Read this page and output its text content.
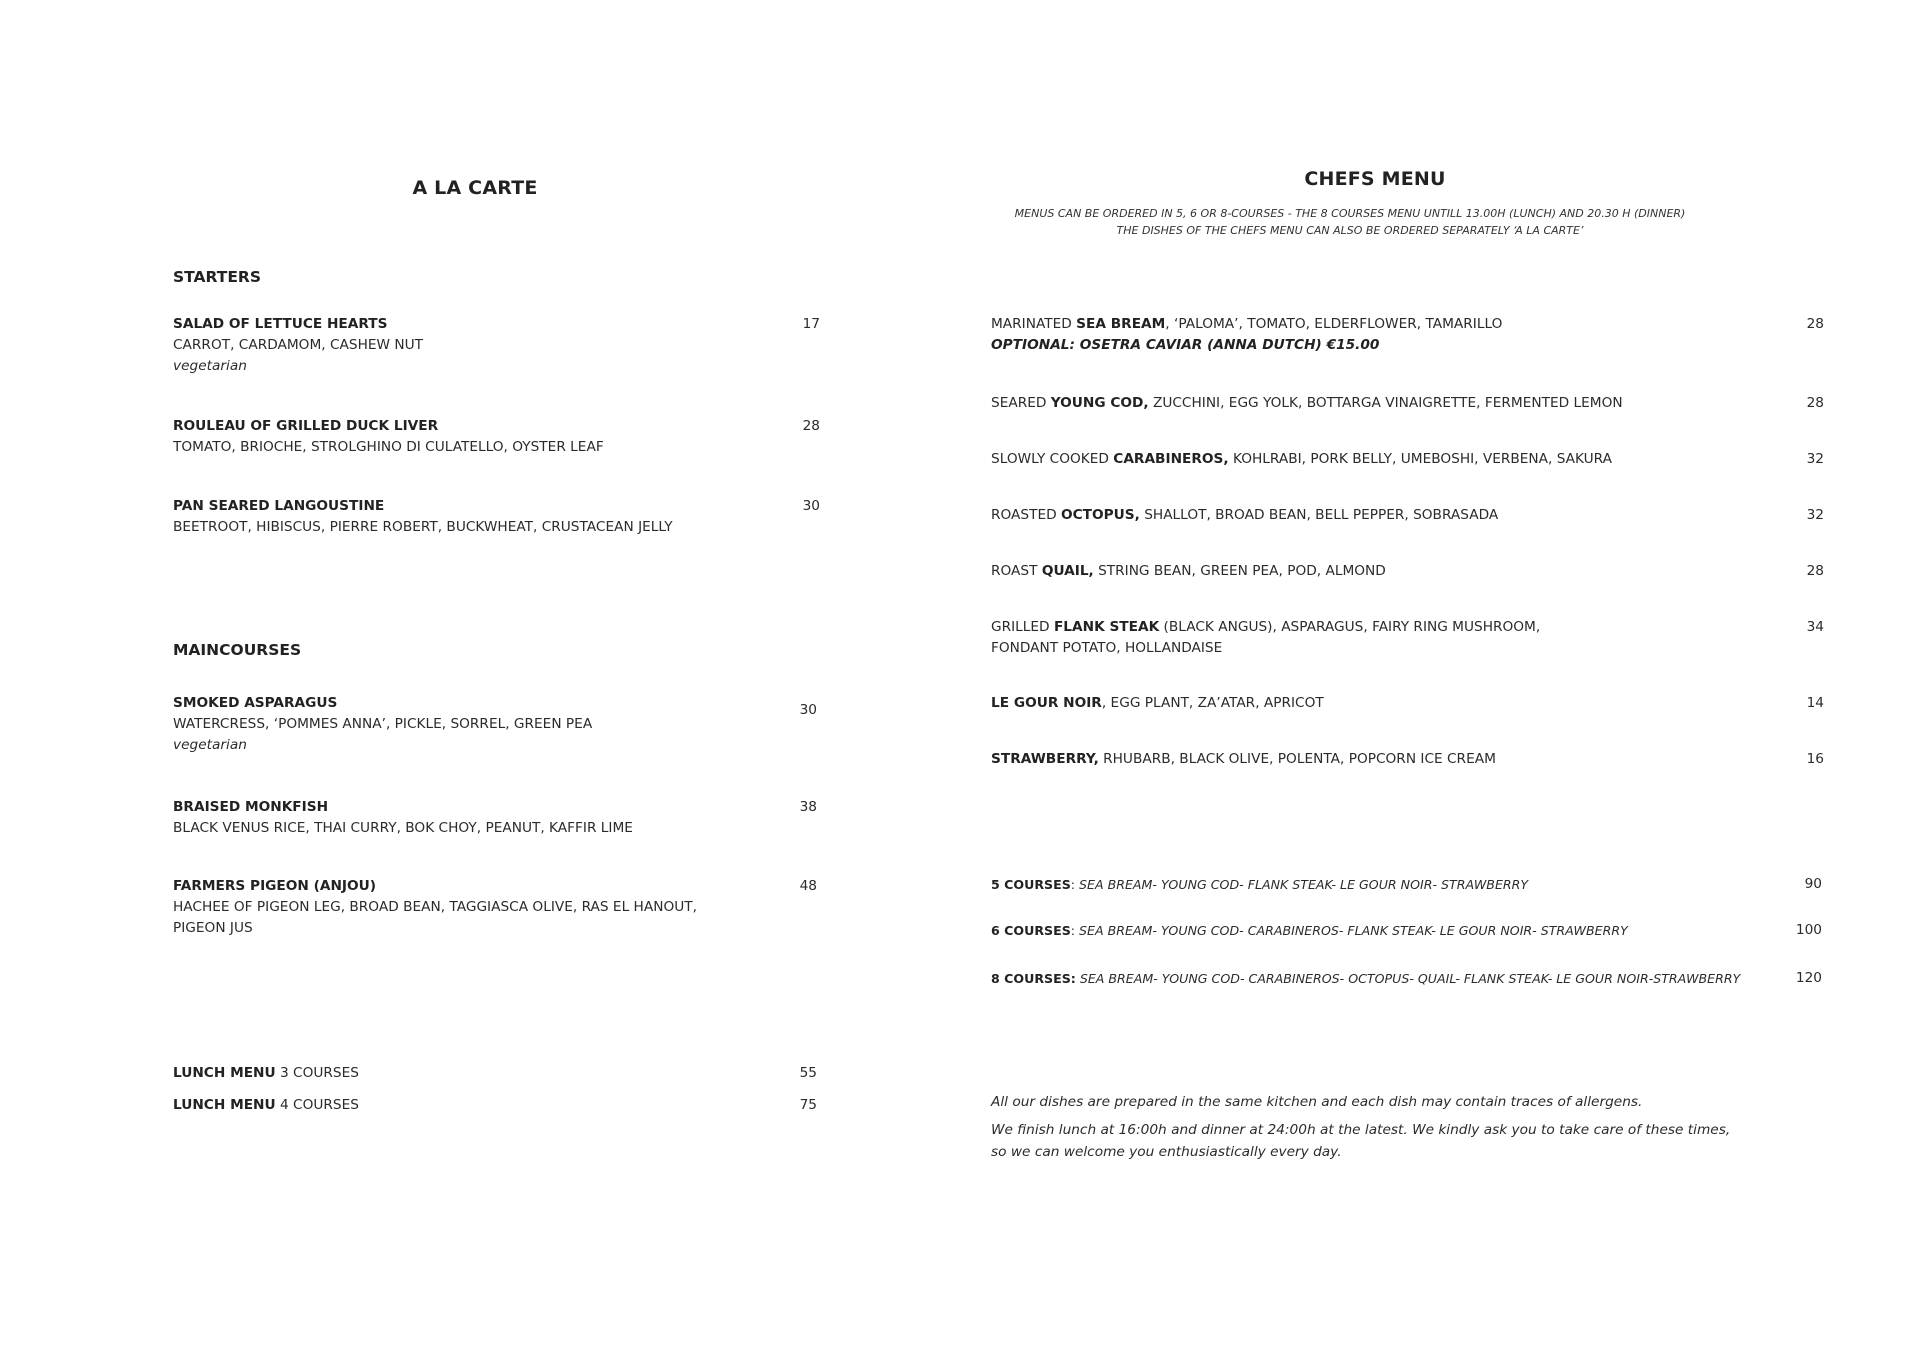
A LA CARTE
STARTERS
SALAD OF LETTUCE HEARTS
CARROT, CARDAMOM, CASHEW NUT
vegetarian
17
ROULEAU OF GRILLED DUCK LIVER
TOMATO, BRIOCHE, STROLGHINO DI CULATELLO, OYSTER LEAF
28
PAN SEARED LANGOUSTINE
BEETROOT, HIBISCUS, PIERRE ROBERT, BUCKWHEAT, CRUSTACEAN JELLY
30
MAINCOURSES
SMOKED ASPARAGUS
WATERCRESS, ‘POMMES ANNA’, PICKLE, SORREL, GREEN PEA
vegetarian
30
BRAISED MONKFISH
BLACK VENUS RICE, THAI CURRY, BOK CHOY, PEANUT, KAFFIR LIME
38
FARMERS PIGEON (ANJOU)
HACHEE OF PIGEON LEG, BROAD BEAN, TAGGIASCA OLIVE, RAS EL HANOUT,
PIGEON JUS
48
LUNCH MENU 3 COURSES	55
LUNCH MENU 4 COURSES	75
CHEFS MENU
MENUS CAN BE ORDERED IN 5, 6 OR 8-COURSES - THE 8 COURSES MENU UNTILL 13.00H (LUNCH) AND 20.30 H (DINNER)
THE DISHES OF THE CHEFS MENU CAN ALSO BE ORDERED SEPARATELY ‘A LA CARTE’
MARINATED SEA BREAM, ‘PALOMA’, TOMATO, ELDERFLOWER, TAMARILLO
OPTIONAL: OSETRA CAVIAR (ANNA DUTCH) €15.00
28
SEARED YOUNG COD, ZUCCHINI, EGG YOLK, BOTTARGA VINAIGRETTE, FERMENTED LEMON	28
SLOWLY COOKED CARABINEROS, KOHLRABI, PORK BELLY, UMEBOSHI, VERBENA, SAKURA	32
ROASTED OCTOPUS, SHALLOT, BROAD BEAN, BELL PEPPER, SOBRASADA	32
ROAST QUAIL, STRING BEAN, GREEN PEA, POD, ALMOND	28
GRILLED FLANK STEAK (BLACK ANGUS), ASPARAGUS, FAIRY RING MUSHROOM,
FONDANT POTATO, HOLLANDAISE
34
LE GOUR NOIR, EGG PLANT, ZA’ATAR, APRICOT	14
STRAWBERRY, RHUBARB, BLACK OLIVE, POLENTA, POPCORN ICE CREAM	16
5 COURSES: SEA BREAM- YOUNG COD- FLANK STEAK- LE GOUR NOIR- STRAWBERRY	90
6 COURSES: SEA BREAM- YOUNG COD- CARABINEROS- FLANK STEAK- LE GOUR NOIR- STRAWBERRY	100
8 COURSES: SEA BREAM- YOUNG COD- CARABINEROS- OCTOPUS- QUAIL- FLANK STEAK- LE GOUR NOIR-STRAWBERRY	120
All our dishes are prepared in the same kitchen and each dish may contain traces of allergens.
We finish lunch at 16:00h and dinner at 24:00h at the latest. We kindly ask you to take care of these times,
so we can welcome you enthusiastically every day.
